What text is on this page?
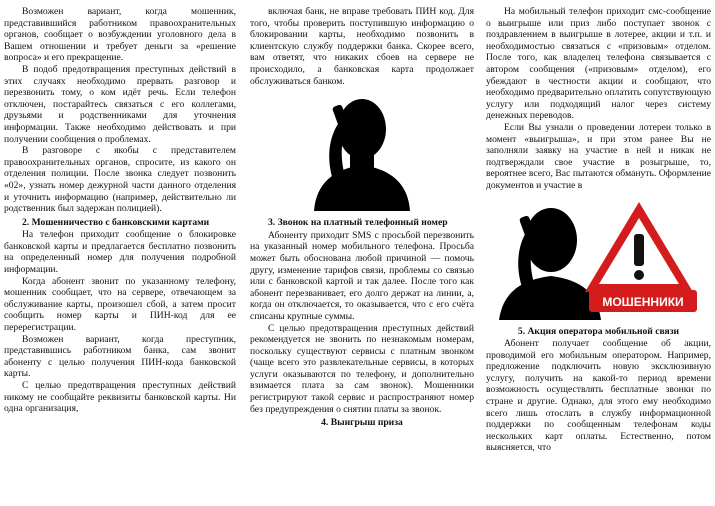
Возможен вариант, когда мошенник, представившийся работником правоохранительных органов, сообщает о возбуждении уголовного дела в Вашем отношении и требует деньги за «решение вопроса» и его прекращение.

В подоб предотвращения преступных действий в этих случаях необходимо прервать разговор и перезвонить тому, о ком идёт речь. Если телефон отключен, постарайтесь связаться с его коллегами, друзьями и родственниками для уточнения информации. Также необходимо действовать и при получении сообщения о проблемах.

В разговоре с якобы с представителем правоохранительных органов, спросите, из какого он отделения полиции. После звонка следует позвонить «02», узнать номер дежурной части данного отделения и уточнить информацию (например, действительно ли родственник был задержан полицией).

2. Мошенничество с банковскими картами

На телефон приходит сообщение о блокировке банковской карты и предлагается бесплатно позвонить на определенный номер для получения подробной информации.

Когда абонент звонит по указанному телефону, мошенник сообщает, что на сервере, отвечающем за обслуживание карты, произошел сбой, а затем просит сообщить номер карты и ПИН-код для ее перерегистрации.

Возможен вариант, когда преступник, представившись работником банка, сам звонит абоненту с целью получения ПИН-кода банковской карты.

С целью предотвращения преступных действий никому не сообщайте реквизиты банковской карты. Ни одна организация,

включая банк, не вправе требовать ПИН код. Для того, чтобы проверить поступившую информацию о блокировании карты, необходимо позвонить в клиентскую службу поддержки банка. Скорее всего, вам ответят, что никаких сбоев на сервере не происходило, а банковская карта продолжает обслуживаться банком.

3. Звонок на платный телефонный номер

Абоненту приходит SMS с просьбой перезвонить на указанный номер мобильного телефона. Просьба может быть обоснована любой причиной — помочь другу, изменение тарифов связи, проблемы со связью или с банковской картой и так далее. После того как абонент перезванивает, его долго держат на линии, а, когда он отключается, то оказывается, что с его счёта списаны крупные суммы.

С целью предотвращения преступных действий рекомендуется не звонить по незнакомым номерам, поскольку существуют сервисы с платным звонком (чаще всего это развлекательные сервисы, в которых услуги оказываются по телефону, и дополнительно взимается плата за сам звонок). Мошенники регистрируют такой сервис и распространяют номер без предупреждения о снятии платы за звонок.

4. Выигрыш приза

На мобильный телефон приходит смс-сообщение о выигрыше или приз либо поступает звонок с поздравлением в выигрыше в лотерее, акции и т.п. и необходимостью связаться с «призовым» отделом. После того, как владелец телефона связывается с автором сообщения («призовым» отделом), его убеждают в честности акции и сообщают, что необходимо предварительно оплатить сопутствующую услугу или подходящий налог через систему денежных переводов.

Если Вы узнали о проведении лотереи только в момент «выигрыша», и при этом ранее Вы не заполняли заявку на участие в ней и никак не подтверждали свое участие в розыгрыше, то, вероятнее всего, Вас пытаются обмануть. Оформление документов и участие в

МОШЕННИКИ
5. Акция оператора мобильной связи

Абонент получает сообщение об акции, проводимой его мобильным оператором. Например, предложение подключить новую эксклюзивную услугу, получить на какой-то период времени возможность осуществлять бесплатные звонки по стране и другие. Однако, для этого ему необходимо всего лишь отослать в службу информационной поддержки по сообщенным телефонам коды нескольких карт оплаты. Естественно, потом выясняется, что
